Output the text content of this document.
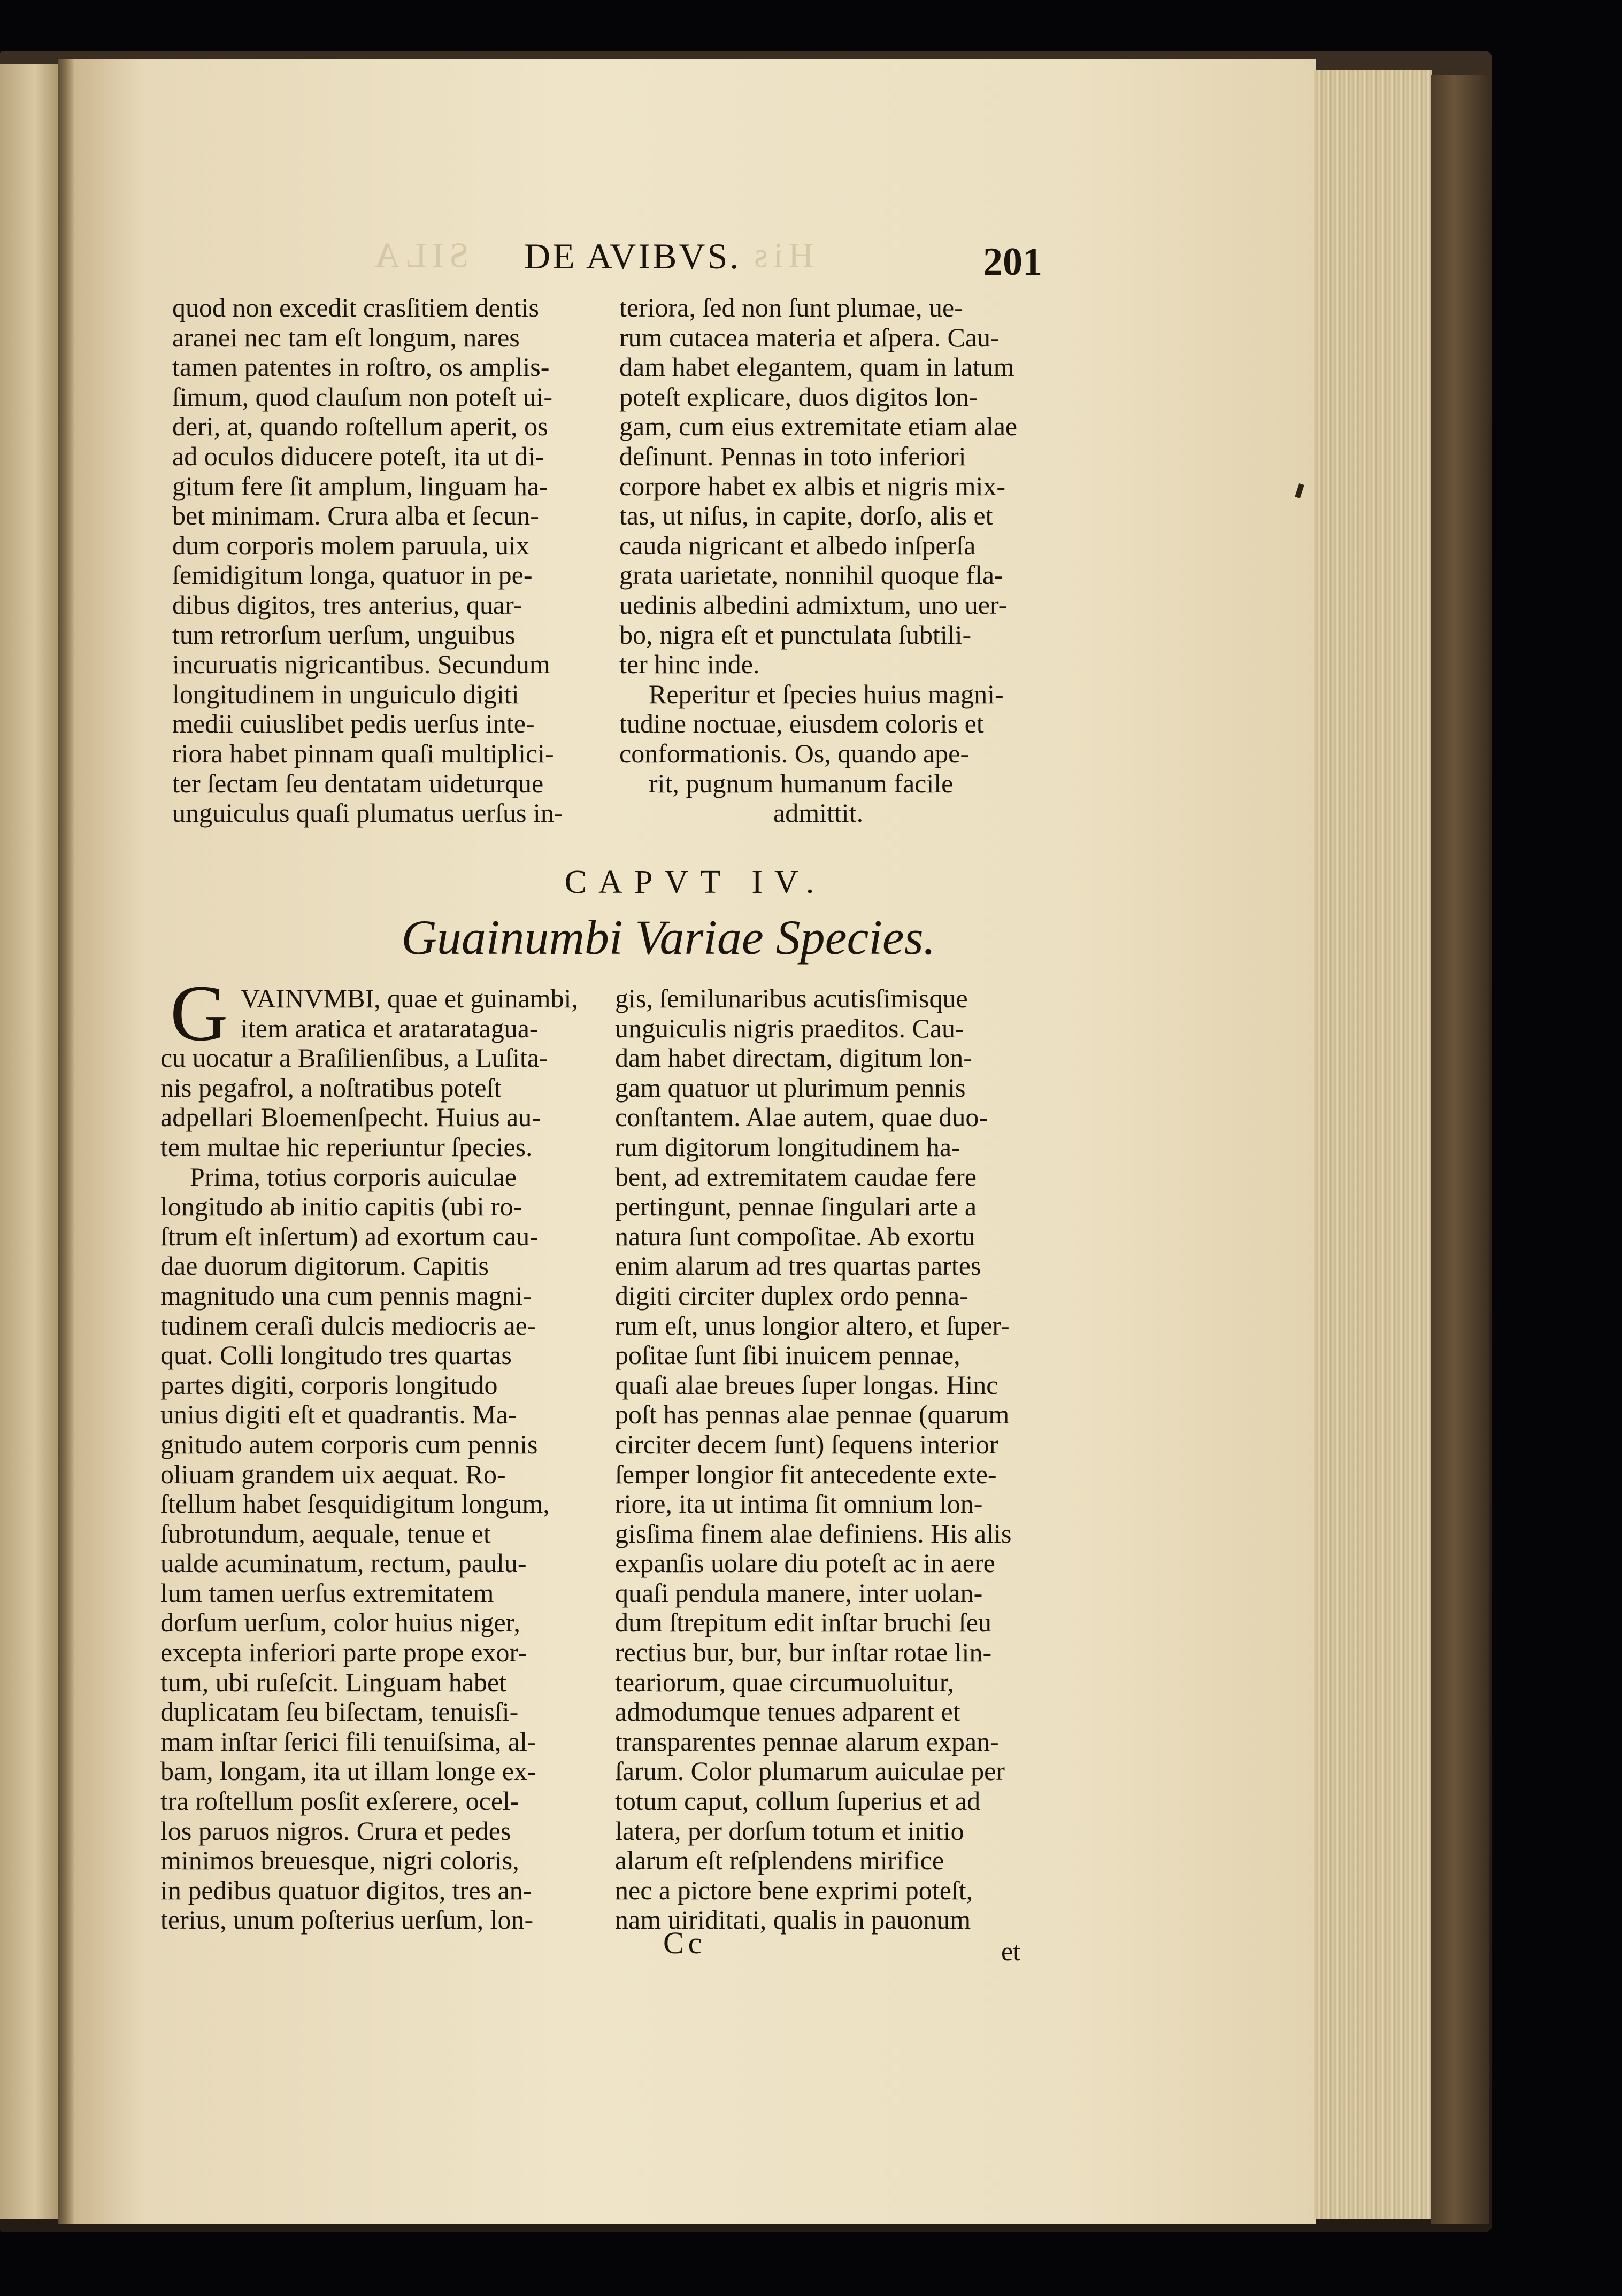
SILA	His
DE AVIBVS.	201
quod non excedit crasſitiem dentis
aranei nec tam eſt longum, nares
tamen patentes in roſtro, os amplis-
ſimum, quod clauſum non poteſt ui-
deri, at, quando roſtellum aperit, os
ad oculos diducere poteſt, ita ut di-
gitum fere ſit amplum, linguam ha-
bet minimam. Crura alba et ſecun-
dum corporis molem paruula, uix
ſemidigitum longa, quatuor in pe-
dibus digitos, tres anterius, quar-
tum retrorſum uerſum, unguibus
incuruatis nigricantibus. Secundum
longitudinem in unguiculo digiti
medii cuiuslibet pedis uerſus inte-
riora habet pinnam quaſi multiplici-
ter ſectam ſeu dentatam uideturque
unguiculus quaſi plumatus uerſus in-
teriora, ſed non ſunt plumae, ue-
rum cutacea materia et aſpera. Cau-
dam habet elegantem, quam in latum
poteſt explicare, duos digitos lon-
gam, cum eius extremitate etiam alae
deſinunt. Pennas in toto inferiori
corpore habet ex albis et nigris mix-
tas, ut niſus, in capite, dorſo, alis et
cauda nigricant et albedo inſperſa
grata uarietate, nonnihil quoque fla-
uedinis albedini admixtum, uno uer-
bo, nigra eſt et punctulata ſubtili-
ter hinc inde.
Reperitur et ſpecies huius magni-
tudine noctuae, eiusdem coloris et
conformationis. Os, quando ape-
rit, pugnum humanum facile
admittit.
CAPVT IV.
Guainumbi Variae Species.
G VAINVMBI, quae et guinambi,
item aratica et aratarataguа-
cu uocatur a Braſilienſibus, a Luſita-
nis pegafrol, a noſtratibus poteſt
adpellari Bloemenſpecht. Huius au-
tem multae hic reperiuntur ſpecies.
Prima, totius corporis auiculae
longitudo ab initio capitis (ubi ro-
ſtrum eſt inſertum) ad exortum cau-
dae duorum digitorum. Capitis
magnitudo una cum pennis magni-
tudinem ceraſi dulcis mediocris ae-
quat. Colli longitudo tres quartas
partes digiti, corporis longitudo
unius digiti eſt et quadrantis. Ma-
gnitudo autem corporis cum pennis
oliuam grandem uix aequat. Ro-
ſtellum habet ſesquidigitum longum,
ſubrotundum, aequale, tenue et
ualde acuminatum, rectum, paulu-
lum tamen uerſus extremitatem
dorſum uerſum, color huius niger,
excepta inferiori parte prope exor-
tum, ubi ruſeſcit. Linguam habet
duplicatam ſeu biſectam, tenuisſi-
mam inſtar ſerici fili tenuiſsima, al-
bam, longam, ita ut illam longe ex-
tra roſtellum posſit exſerere, ocel-
los paruos nigros. Crura et pedes
minimos breuesque, nigri coloris,
in pedibus quatuor digitos, tres an-
terius, unum poſterius uerſum, lon-
gis, ſemilunaribus acutisſimisque
unguiculis nigris praeditos. Cau-
dam habet directam, digitum lon-
gam quatuor ut plurimum pennis
conſtantem. Alae autem, quae duo-
rum digitorum longitudinem ha-
bent, ad extremitatem caudae fere
pertingunt, pennae ſingulari arte a
natura ſunt compoſitae. Ab exortu
enim alarum ad tres quartas partes
digiti circiter duplex ordo penna-
rum eſt, unus longior altero, et ſuper-
poſitae ſunt ſibi inuicem pennae,
quaſi alae breues ſuper longas. Hinc
poſt has pennas alae pennae (quarum
circiter decem ſunt) ſequens interior
ſemper longior fit antecedente exte-
riore, ita ut intima ſit omnium lon-
gisſima finem alae definiens. His alis
expanſis uolare diu poteſt ac in aere
quaſi pendula manere, inter uolan-
dum ſtrepitum edit inſtar bruchi ſeu
rectius bur, bur, bur inſtar rotae lin-
teariorum, quae circumuoluitur,
admodumque tenues adparent et
transparentes pennae alarum expan-
ſarum. Color plumarum auiculae per
totum caput, collum ſuperius et ad
latera, per dorſum totum et initio
alarum eſt reſplendens mirifice
nec a pictore bene exprimi poteſt,
nam uiriditati, qualis in pauonum
Cc	et
